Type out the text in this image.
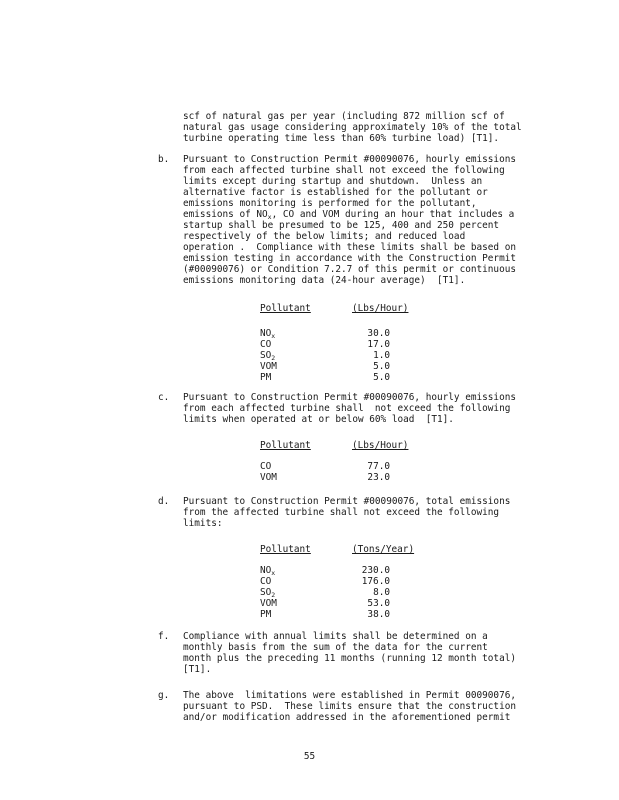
scf of natural gas per year (including 872 million scf of
natural gas usage considering approximately 10% of the total
turbine operating time less than 60% turbine load) [T1].
b. Pursuant to Construction Permit #00090076, hourly emissions
from each affected turbine shall not exceed the following
limits except during startup and shutdown.  Unless an
alternative factor is established for the pollutant or
emissions monitoring is performed for the pollutant,
emissions of $NO_x$, CO and VOM during an hour that includes a
startup shall be presumed to be 125, 400 and 250 percent
respectively of the below limits; and reduced load
operation .  Compliance with these limits shall be based on
emission testing in accordance with the Construction Permit
(#00090076) or Condition 7.2.7 of this permit or continuous
emissions monitoring data (24-hour average)  [T1].
Pollutant	(Lbs/Hour)
$NO_x$	30.0
CO	17.0
$SO_2$	1.0
VOM	5.0
PM	5.0
c. Pursuant to Construction Permit #00090076, hourly emissions
from each affected turbine shall  not exceed the following
limits when operated at or below 60% load  [T1].
Pollutant	(Lbs/Hour)
CO	77.0
VOM	23.0
d. Pursuant to Construction Permit #00090076, total emissions
from the affected turbine shall not exceed the following
limits:
Pollutant	(Tons/Year)
$NO_x$	230.0
CO	176.0
$SO_2$	8.0
VOM	53.0
PM	38.0
f. Compliance with annual limits shall be determined on a
monthly basis from the sum of the data for the current
month plus the preceding 11 months (running 12 month total)
[T1].
g. The above  limitations were established in Permit 00090076,
pursuant to PSD.  These limits ensure that the construction
and/or modification addressed in the aforementioned permit
55
